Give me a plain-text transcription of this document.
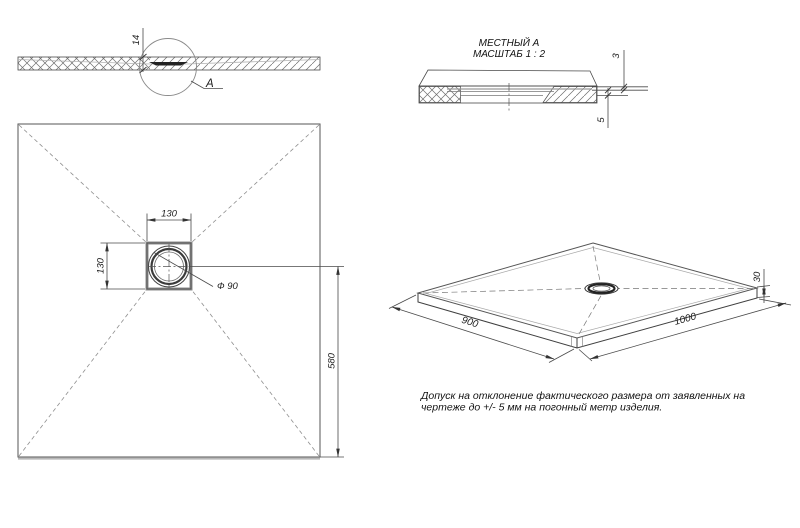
14
A
МЕСТНЫЙ А
МАСШТАБ 1 : 2	3
5
130
130
Ф 90
580
900	1000
30
Допуск на отклонение фактического размера от заявленных на
чертеже до +/- 5 мм на погонный метр изделия.
